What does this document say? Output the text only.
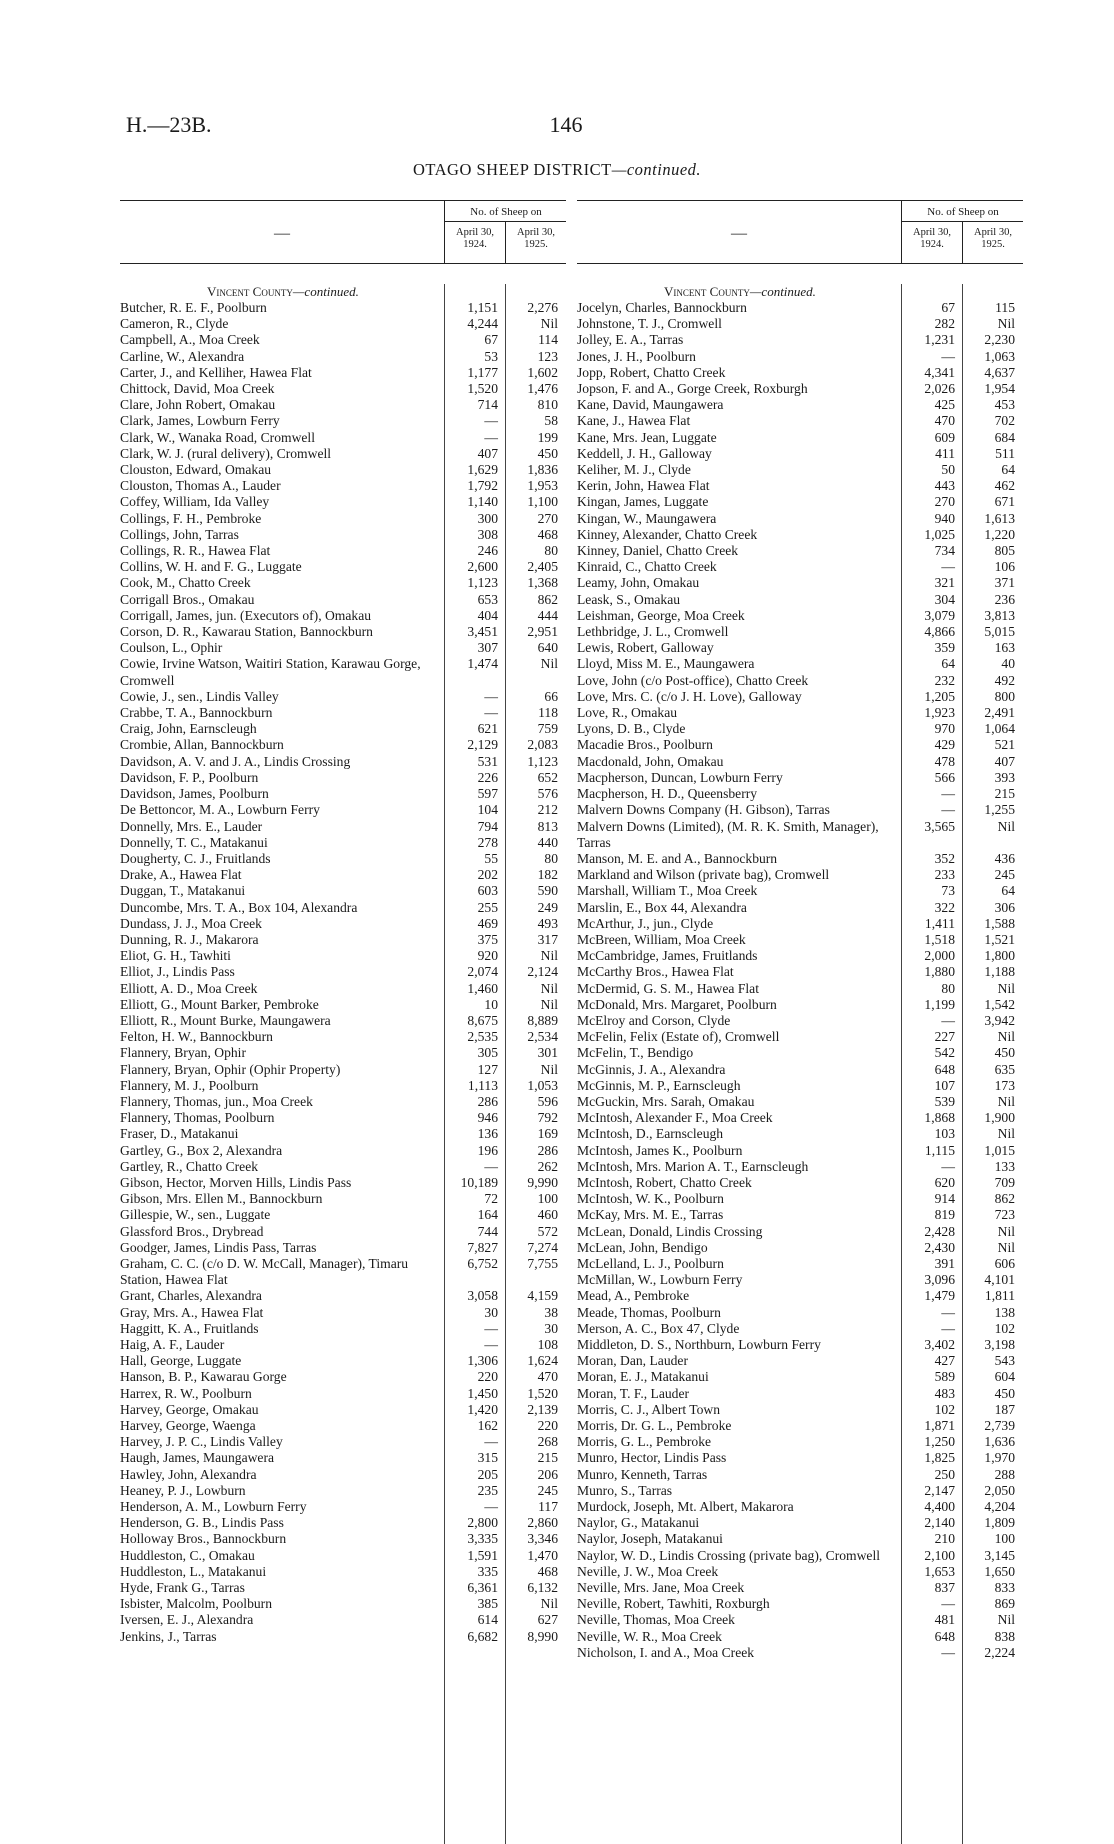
H.—23B.	146
OTAGO SHEEP DISTRICT—continued.
—
No. of Sheep on
April 30,
1924.
April 30,
1925.
Vincent County—continued.
Butcher, R. E. F., Poolburn	1,151	2,276
Cameron, R., Clyde	4,244	Nil
Campbell, A., Moa Creek	67	114
Carline, W., Alexandra	53	123
Carter, J., and Kelliher, Hawea Flat	1,177	1,602
Chittock, David, Moa Creek	1,520	1,476
Clare, John Robert, Omakau	714	810
Clark, James, Lowburn Ferry	—	58
Clark, W., Wanaka Road, Cromwell	—	199
Clark, W. J. (rural delivery), Cromwell	407	450
Clouston, Edward, Omakau	1,629	1,836
Clouston, Thomas A., Lauder	1,792	1,953
Coffey, William, Ida Valley	1,140	1,100
Collings, F. H., Pembroke	300	270
Collings, John, Tarras	308	468
Collings, R. R., Hawea Flat	246	80
Collins, W. H. and F. G., Luggate	2,600	2,405
Cook, M., Chatto Creek	1,123	1,368
Corrigall Bros., Omakau	653	862
Corrigall, James, jun. (Executors of), Omakau	404	444
Corson, D. R., Kawarau Station, Bannockburn	3,451	2,951
Coulson, L., Ophir	307	640
Cowie, Irvine Watson, Waitiri Station, Karawau Gorge, Cromwell
1,474	Nil
Cowie, J., sen., Lindis Valley	—	66
Crabbe, T. A., Bannockburn	—	118
Craig, John, Earnscleugh	621	759
Crombie, Allan, Bannockburn	2,129	2,083
Davidson, A. V. and J. A., Lindis Crossing	531	1,123
Davidson, F. P., Poolburn	226	652
Davidson, James, Poolburn	597	576
De Bettoncor, M. A., Lowburn Ferry	104	212
Donnelly, Mrs. E., Lauder	794	813
Donnelly, T. C., Matakanui	278	440
Dougherty, C. J., Fruitlands	55	80
Drake, A., Hawea Flat	202	182
Duggan, T., Matakanui	603	590
Duncombe, Mrs. T. A., Box 104, Alexandra	255	249
Dundass, J. J., Moa Creek	469	493
Dunning, R. J., Makarora	375	317
Eliot, G. H., Tawhiti	920	Nil
Elliot, J., Lindis Pass	2,074	2,124
Elliott, A. D., Moa Creek	1,460	Nil
Elliott, G., Mount Barker, Pembroke	10	Nil
Elliott, R., Mount Burke, Maungawera	8,675	8,889
Felton, H. W., Bannockburn	2,535	2,534
Flannery, Bryan, Ophir	305	301
Flannery, Bryan, Ophir (Ophir Property)	127	Nil
Flannery, M. J., Poolburn	1,113	1,053
Flannery, Thomas, jun., Moa Creek	286	596
Flannery, Thomas, Poolburn	946	792
Fraser, D., Matakanui	136	169
Gartley, G., Box 2, Alexandra	196	286
Gartley, R., Chatto Creek	—	262
Gibson, Hector, Morven Hills, Lindis Pass	10,189	9,990
Gibson, Mrs. Ellen M., Bannockburn	72	100
Gillespie, W., sen., Luggate	164	460
Glassford Bros., Drybread	744	572
Goodger, James, Lindis Pass, Tarras	7,827	7,274
Graham, C. C. (c/o D. W. McCall, Manager), Timaru Station, Hawea Flat
6,752	7,755
Grant, Charles, Alexandra	3,058	4,159
Gray, Mrs. A., Hawea Flat	30	38
Haggitt, K. A., Fruitlands	—	30
Haig, A. F., Lauder	—	108
Hall, George, Luggate	1,306	1,624
Hanson, B. P., Kawarau Gorge	220	470
Harrex, R. W., Poolburn	1,450	1,520
Harvey, George, Omakau	1,420	2,139
Harvey, George, Waenga	162	220
Harvey, J. P. C., Lindis Valley	—	268
Haugh, James, Maungawera	315	215
Hawley, John, Alexandra	205	206
Heaney, P. J., Lowburn	235	245
Henderson, A. M., Lowburn Ferry	—	117
Henderson, G. B., Lindis Pass	2,800	2,860
Holloway Bros., Bannockburn	3,335	3,346
Huddleston, C., Omakau	1,591	1,470
Huddleston, L., Matakanui	335	468
Hyde, Frank G., Tarras	6,361	6,132
Isbister, Malcolm, Poolburn	385	Nil
Iversen, E. J., Alexandra	614	627
Jenkins, J., Tarras	6,682	8,990
—
No. of Sheep on
April 30,
1924.
April 30,
1925.
Vincent County—continued.
Jocelyn, Charles, Bannockburn	67	115
Johnstone, T. J., Cromwell	282	Nil
Jolley, E. A., Tarras	1,231	2,230
Jones, J. H., Poolburn	—	1,063
Jopp, Robert, Chatto Creek	4,341	4,637
Jopson, F. and A., Gorge Creek, Roxburgh	2,026	1,954
Kane, David, Maungawera	425	453
Kane, J., Hawea Flat	470	702
Kane, Mrs. Jean, Luggate	609	684
Keddell, J. H., Galloway	411	511
Keliher, M. J., Clyde	50	64
Kerin, John, Hawea Flat	443	462
Kingan, James, Luggate	270	671
Kingan, W., Maungawera	940	1,613
Kinney, Alexander, Chatto Creek	1,025	1,220
Kinney, Daniel, Chatto Creek	734	805
Kinraid, C., Chatto Creek	—	106
Leamy, John, Omakau	321	371
Leask, S., Omakau	304	236
Leishman, George, Moa Creek	3,079	3,813
Lethbridge, J. L., Cromwell	4,866	5,015
Lewis, Robert, Galloway	359	163
Lloyd, Miss M. E., Maungawera	64	40
Love, John (c/o Post-office), Chatto Creek	232	492
Love, Mrs. C. (c/o J. H. Love), Galloway	1,205	800
Love, R., Omakau	1,923	2,491
Lyons, D. B., Clyde	970	1,064
Macadie Bros., Poolburn	429	521
Macdonald, John, Omakau	478	407
Macpherson, Duncan, Lowburn Ferry	566	393
Macpherson, H. D., Queensberry	—	215
Malvern Downs Company (H. Gibson), Tarras	—	1,255
Malvern Downs (Limited), (M. R. K. Smith, Manager), Tarras
3,565	Nil
Manson, M. E. and A., Bannockburn	352	436
Markland and Wilson (private bag), Cromwell	233	245
Marshall, William T., Moa Creek	73	64
Marslin, E., Box 44, Alexandra	322	306
McArthur, J., jun., Clyde	1,411	1,588
McBreen, William, Moa Creek	1,518	1,521
McCambridge, James, Fruitlands	2,000	1,800
McCarthy Bros., Hawea Flat	1,880	1,188
McDermid, G. S. M., Hawea Flat	80	Nil
McDonald, Mrs. Margaret, Poolburn	1,199	1,542
McElroy and Corson, Clyde	—	3,942
McFelin, Felix (Estate of), Cromwell	227	Nil
McFelin, T., Bendigo	542	450
McGinnis, J. A., Alexandra	648	635
McGinnis, M. P., Earnscleugh	107	173
McGuckin, Mrs. Sarah, Omakau	539	Nil
McIntosh, Alexander F., Moa Creek	1,868	1,900
McIntosh, D., Earnscleugh	103	Nil
McIntosh, James K., Poolburn	1,115	1,015
McIntosh, Mrs. Marion A. T., Earnscleugh	—	133
McIntosh, Robert, Chatto Creek	620	709
McIntosh, W. K., Poolburn	914	862
McKay, Mrs. M. E., Tarras	819	723
McLean, Donald, Lindis Crossing	2,428	Nil
McLean, John, Bendigo	2,430	Nil
McLelland, L. J., Poolburn	391	606
McMillan, W., Lowburn Ferry	3,096	4,101
Mead, A., Pembroke	1,479	1,811
Meade, Thomas, Poolburn	—	138
Merson, A. C., Box 47, Clyde	—	102
Middleton, D. S., Northburn, Lowburn Ferry	3,402	3,198
Moran, Dan, Lauder	427	543
Moran, E. J., Matakanui	589	604
Moran, T. F., Lauder	483	450
Morris, C. J., Albert Town	102	187
Morris, Dr. G. L., Pembroke	1,871	2,739
Morris, G. L., Pembroke	1,250	1,636
Munro, Hector, Lindis Pass	1,825	1,970
Munro, Kenneth, Tarras	250	288
Munro, S., Tarras	2,147	2,050
Murdock, Joseph, Mt. Albert, Makarora	4,400	4,204
Naylor, G., Matakanui	2,140	1,809
Naylor, Joseph, Matakanui	210	100
Naylor, W. D., Lindis Crossing (private bag), Cromwell	2,100	3,145
Neville, J. W., Moa Creek	1,653	1,650
Neville, Mrs. Jane, Moa Creek	837	833
Neville, Robert, Tawhiti, Roxburgh	—	869
Neville, Thomas, Moa Creek	481	Nil
Neville, W. R., Moa Creek	648	838
Nicholson, I. and A., Moa Creek	—	2,224
